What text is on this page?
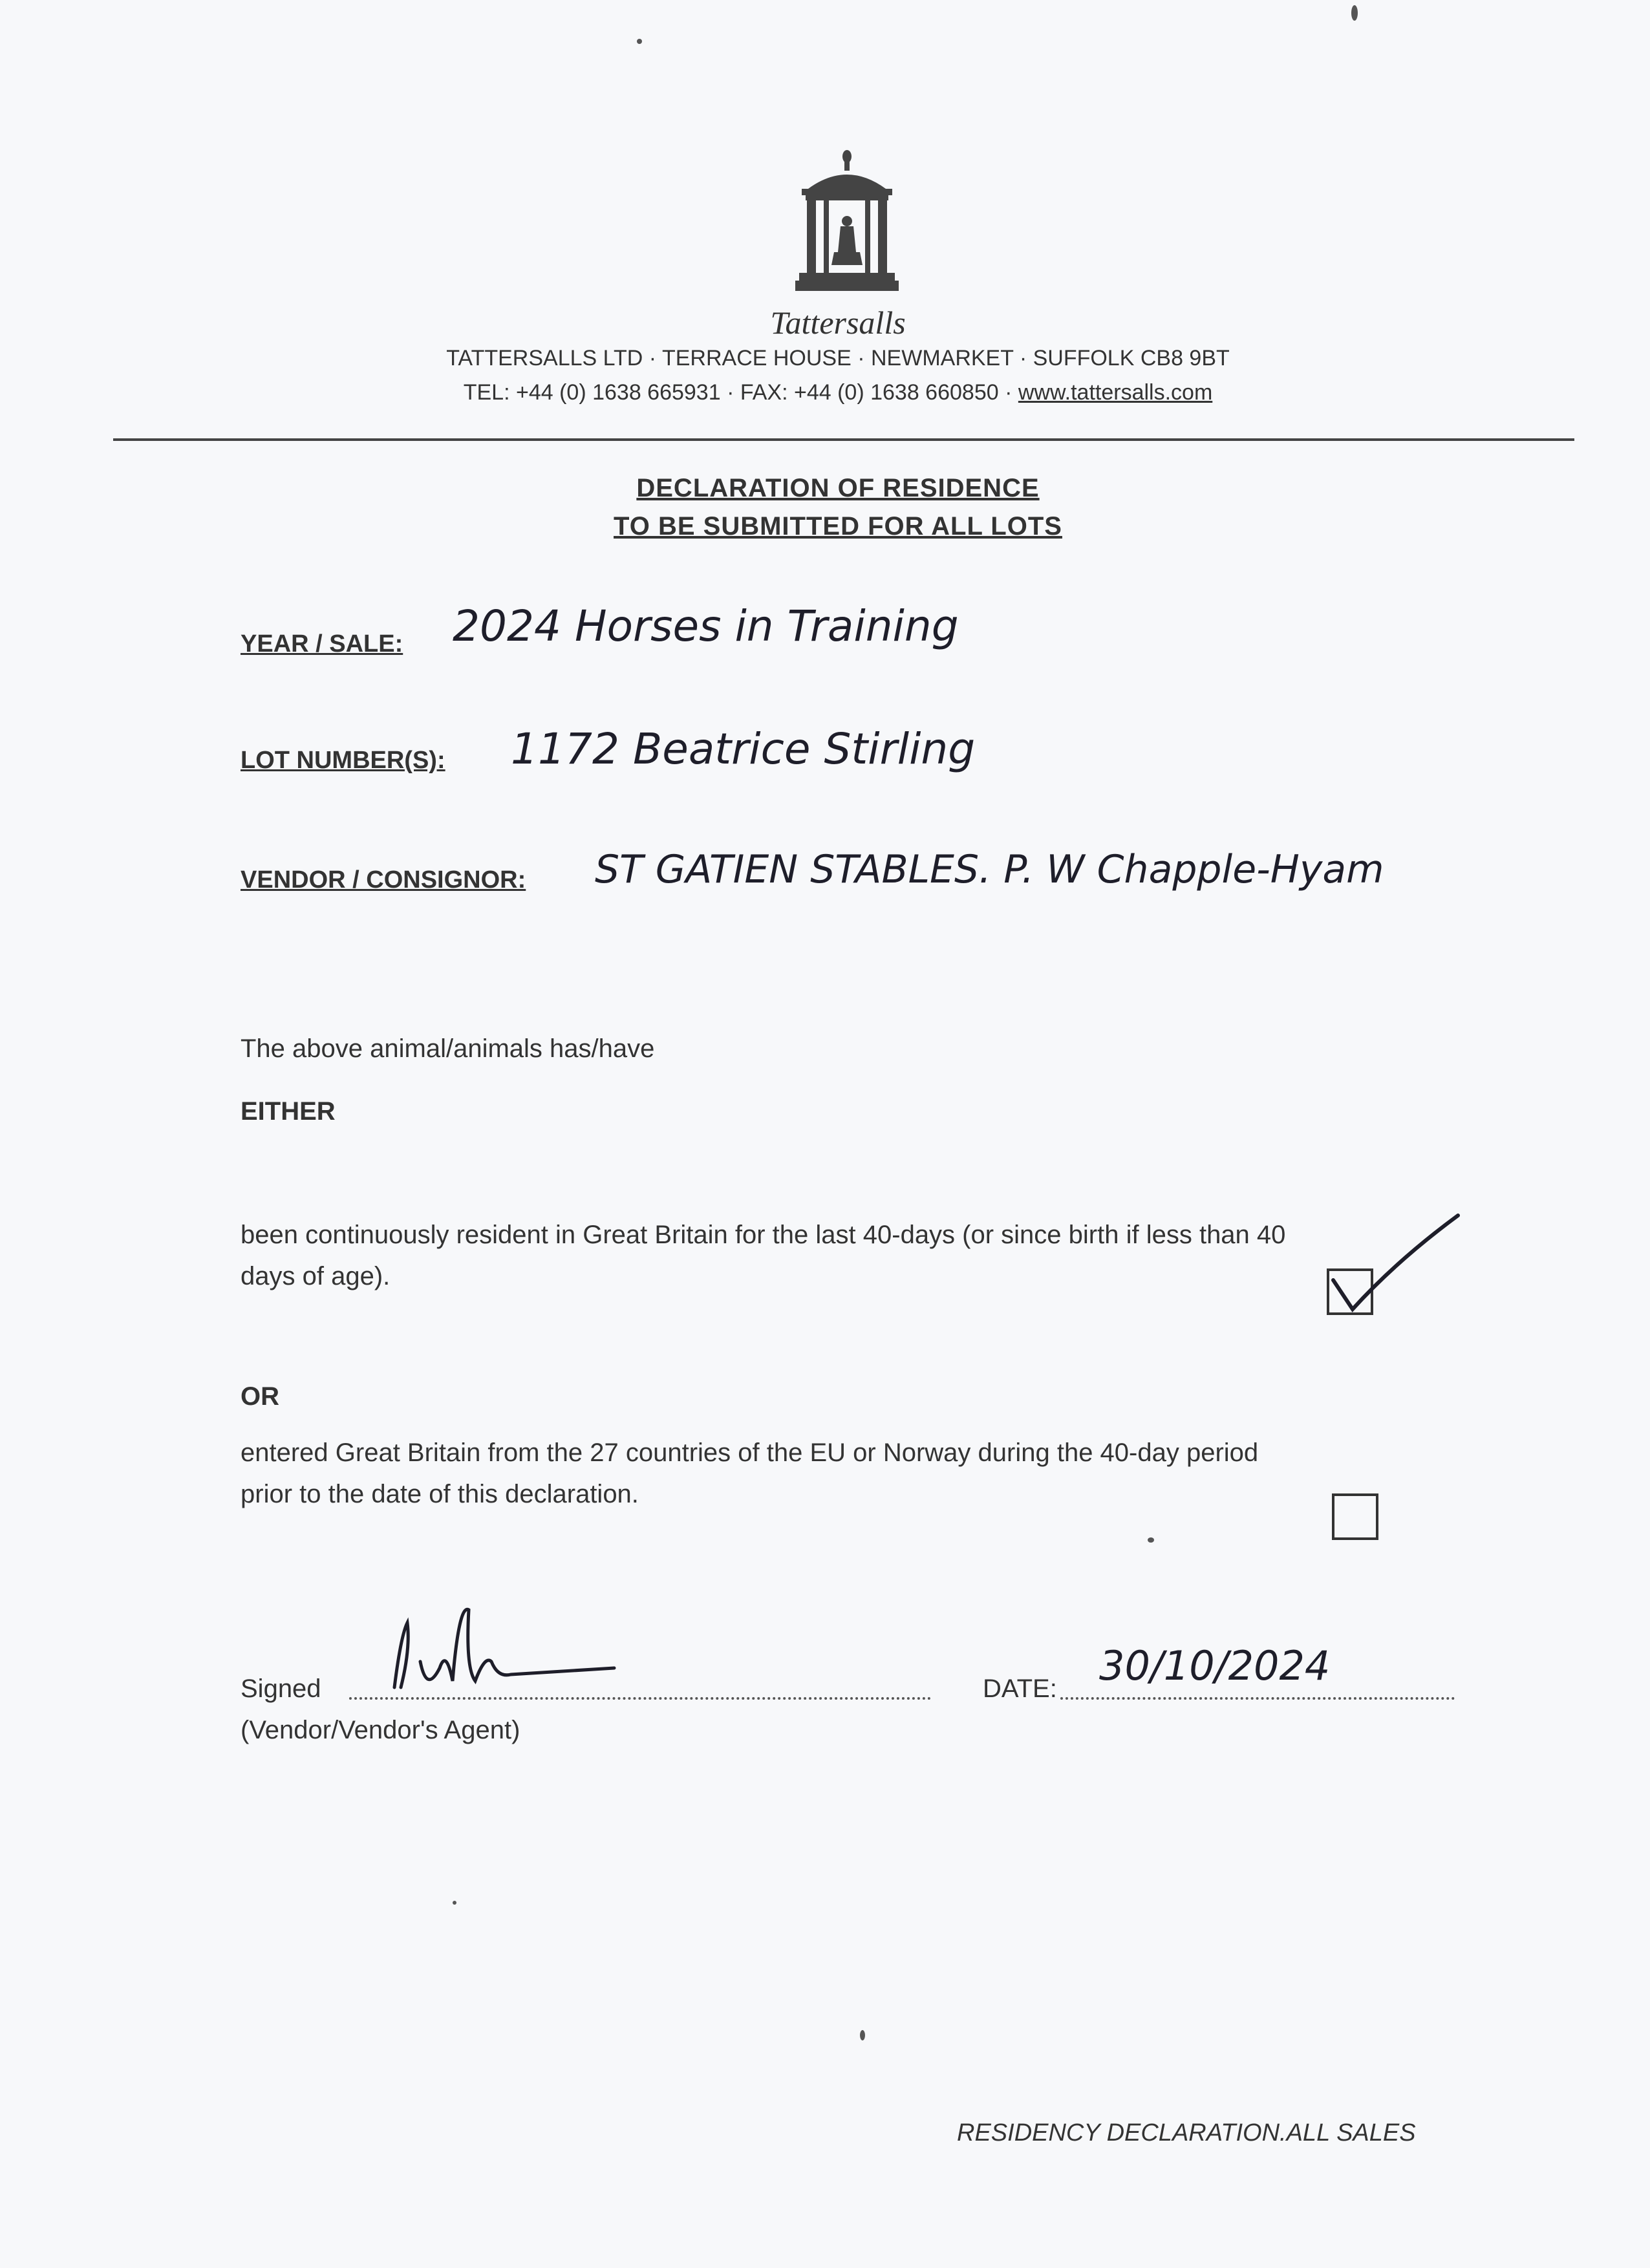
Tattersalls
TATTERSALLS LTD · TERRACE HOUSE · NEWMARKET · SUFFOLK CB8 9BT
TEL: +44 (0) 1638 665931 · FAX: +44 (0) 1638 660850 · www.tattersalls.com
DECLARATION OF RESIDENCE
TO BE SUBMITTED FOR ALL LOTS
YEAR / SALE: 2024 Horses in Training
LOT NUMBER(S): 1172 Beatrice Stirling
VENDOR / CONSIGNOR: ST GATIEN STABLES. P. W Chapple-Hyam
The above animal/animals has/have
EITHER
been continuously resident in Great Britain for the last 40-days (or since birth if less than 40
days of age).
OR
entered Great Britain from the 27 countries of the EU or Norway during the 40-day period
prior to the date of this declaration.
Signed
(Vendor/Vendor's Agent)
DATE: 30/10/2024
RESIDENCY DECLARATION.ALL SALES
